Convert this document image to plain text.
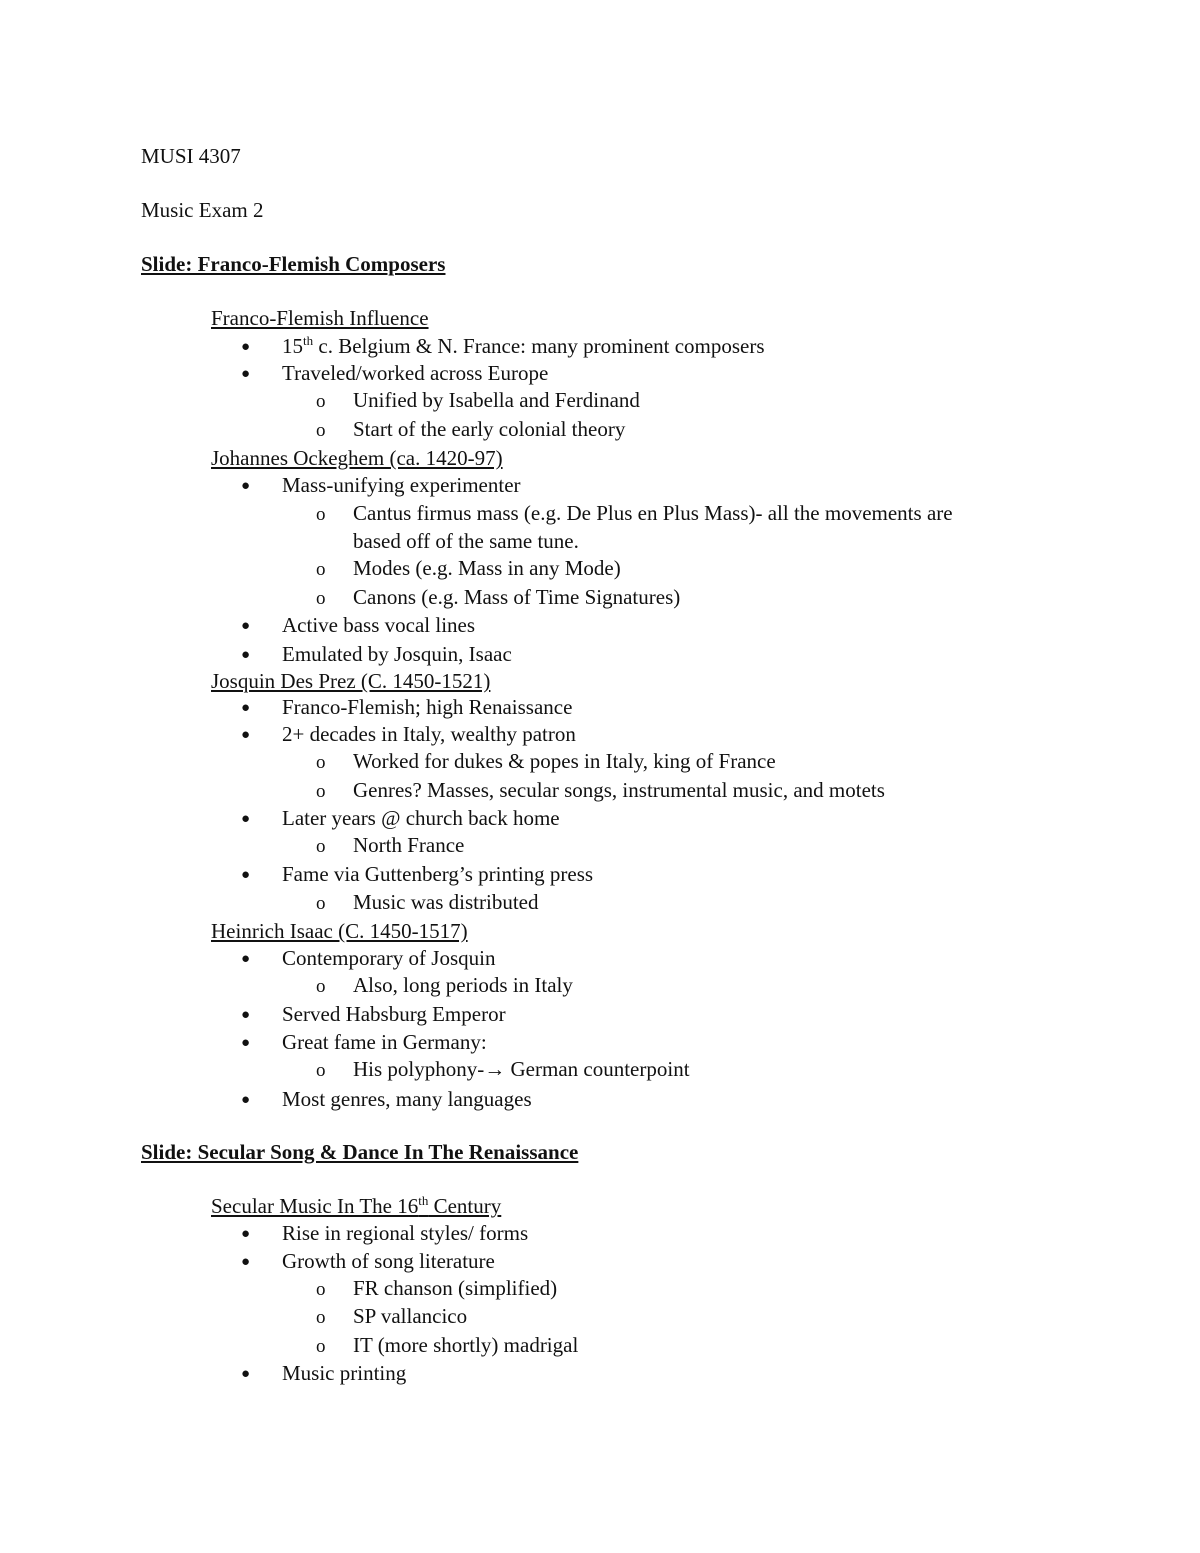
MUSI 4307
Music Exam 2
Slide: Franco-Flemish Composers
Franco-Flemish Influence
● 15th c. Belgium & N. France: many prominent composers
● Traveled/worked across Europe
o Unified by Isabella and Ferdinand
o Start of the early colonial theory
Johannes Ockeghem (ca. 1420-97)
● Mass-unifying experimenter
o Cantus firmus mass (e.g. De Plus en Plus Mass)- all the movements are
based off of the same tune.
o Modes (e.g. Mass in any Mode)
o Canons (e.g. Mass of Time Signatures)
● Active bass vocal lines
● Emulated by Josquin, Isaac
Josquin Des Prez (C. 1450-1521)
● Franco-Flemish; high Renaissance
● 2+ decades in Italy, wealthy patron
o Worked for dukes & popes in Italy, king of France
o Genres? Masses, secular songs, instrumental music, and motets
● Later years @ church back home
o North France
● Fame via Guttenberg’s printing press
o Music was distributed
Heinrich Isaac (C. 1450-1517)
● Contemporary of Josquin
o Also, long periods in Italy
● Served Habsburg Emperor
● Great fame in Germany:
o His polyphony-→ German counterpoint
● Most genres, many languages
Slide: Secular Song & Dance In The Renaissance
Secular Music In The 16th Century
● Rise in regional styles/ forms
● Growth of song literature
o FR chanson (simplified)
o SP vallancico
o IT (more shortly) madrigal
● Music printing
